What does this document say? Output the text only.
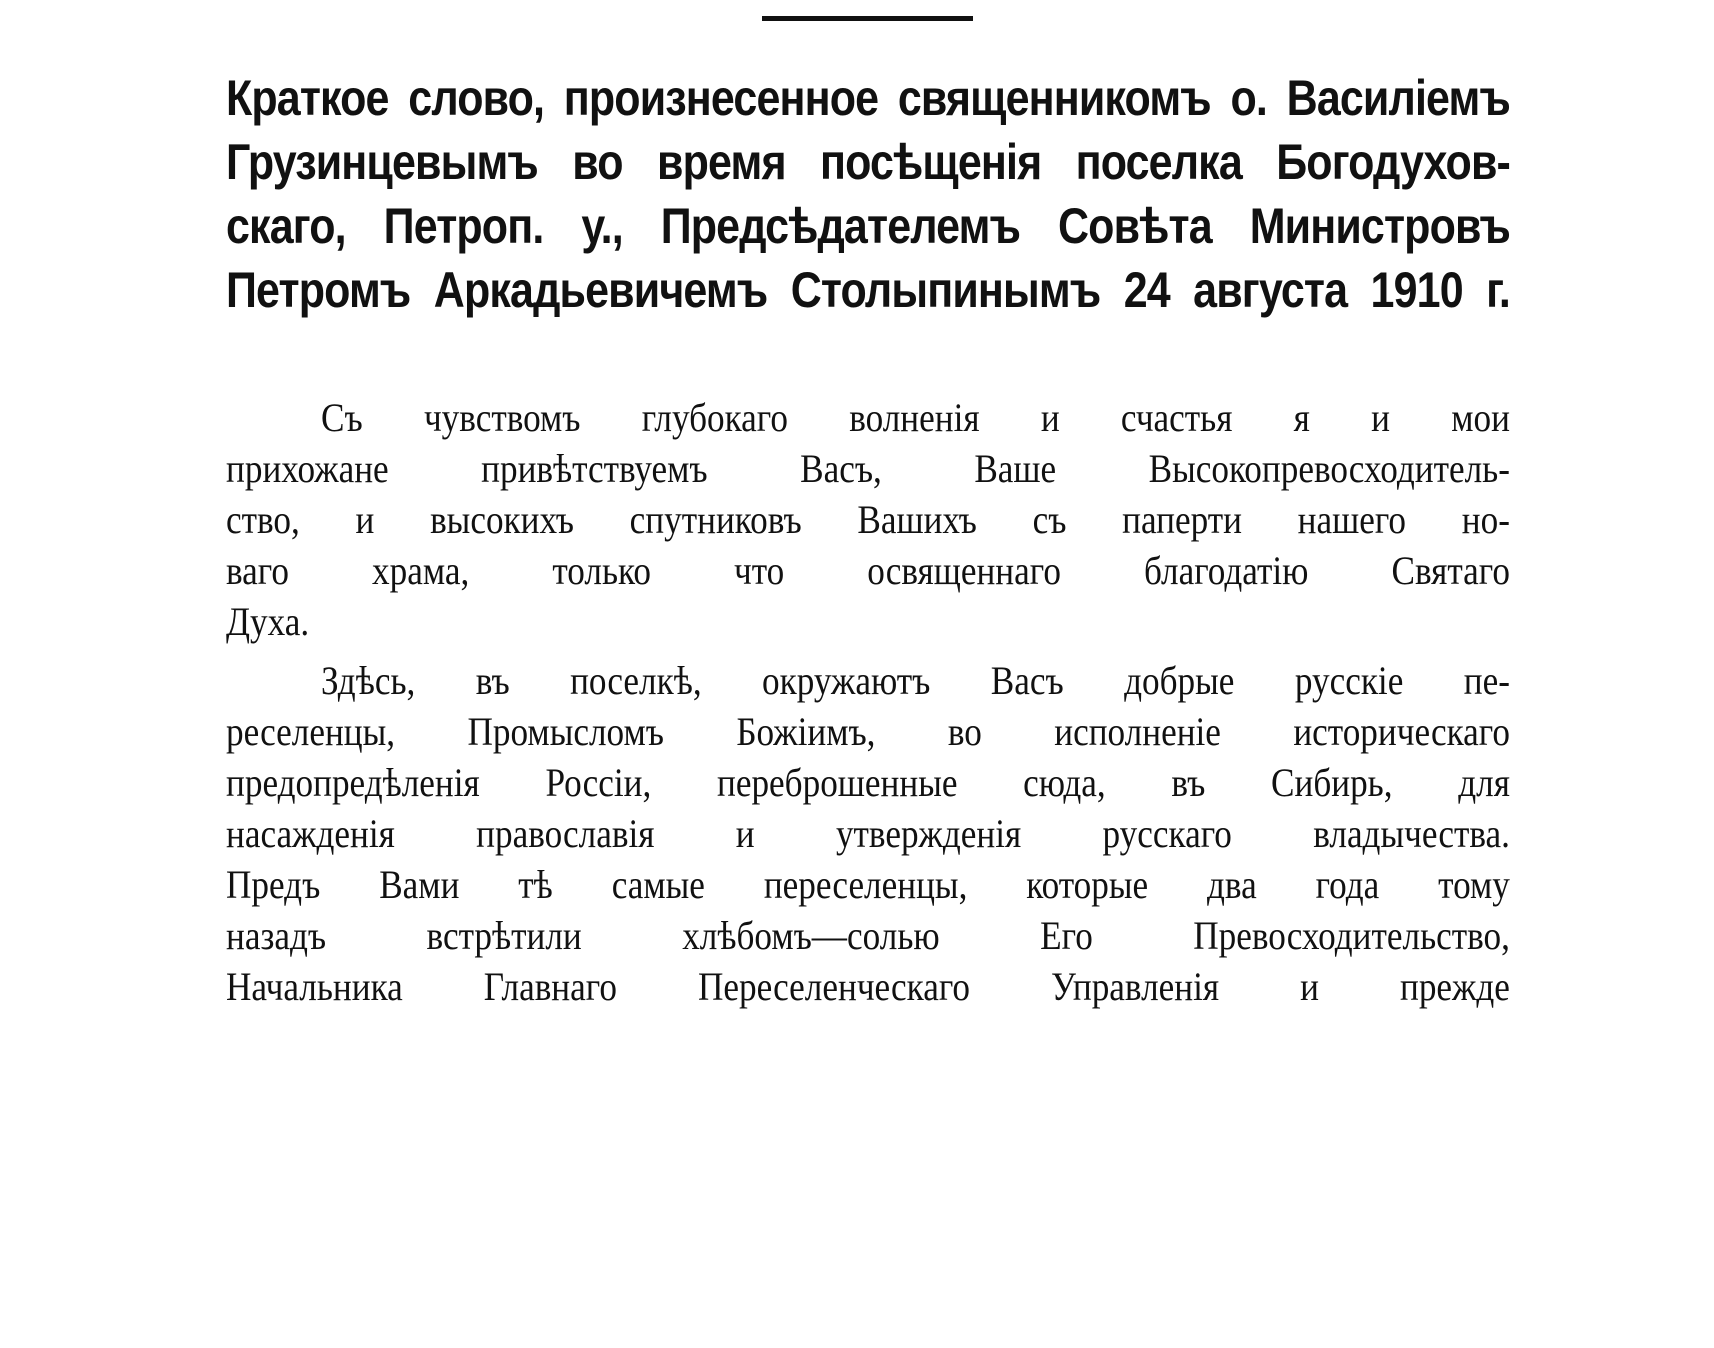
Краткое слово, произнесенное священникомъ о. Василіемъ
Грузинцевымъ во время посѣщенія поселка Богодухов-
скаго, Петроп. у., Предсѣдателемъ Совѣта Министровъ
Петромъ Аркадьевичемъ Столыпинымъ 24 августа 1910 г.
Съ чувствомъ глубокаго волненія и счастья я и мои
прихожане привѣтствуемъ Васъ, Ваше Высокопревосходитель-
ство, и высокихъ спутниковъ Вашихъ съ паперти нашего но-
ваго храма, только что освященнаго благодатію Святаго
Духа.
Здѣсь, въ поселкѣ, окружаютъ Васъ добрые русскіе пе-
реселенцы, Промысломъ Божіимъ, во исполненіе историческаго
предопредѣленія Россіи, переброшенные сюда, въ Сибирь, для
насажденія православія и утвержденія русскаго владычества.
Предъ Вами тѣ самые переселенцы, которые два года тому
назадъ встрѣтили хлѣбомъ—солью Его Превосходительство,
Начальника Главнаго Переселенческаго Управленія и прежде
